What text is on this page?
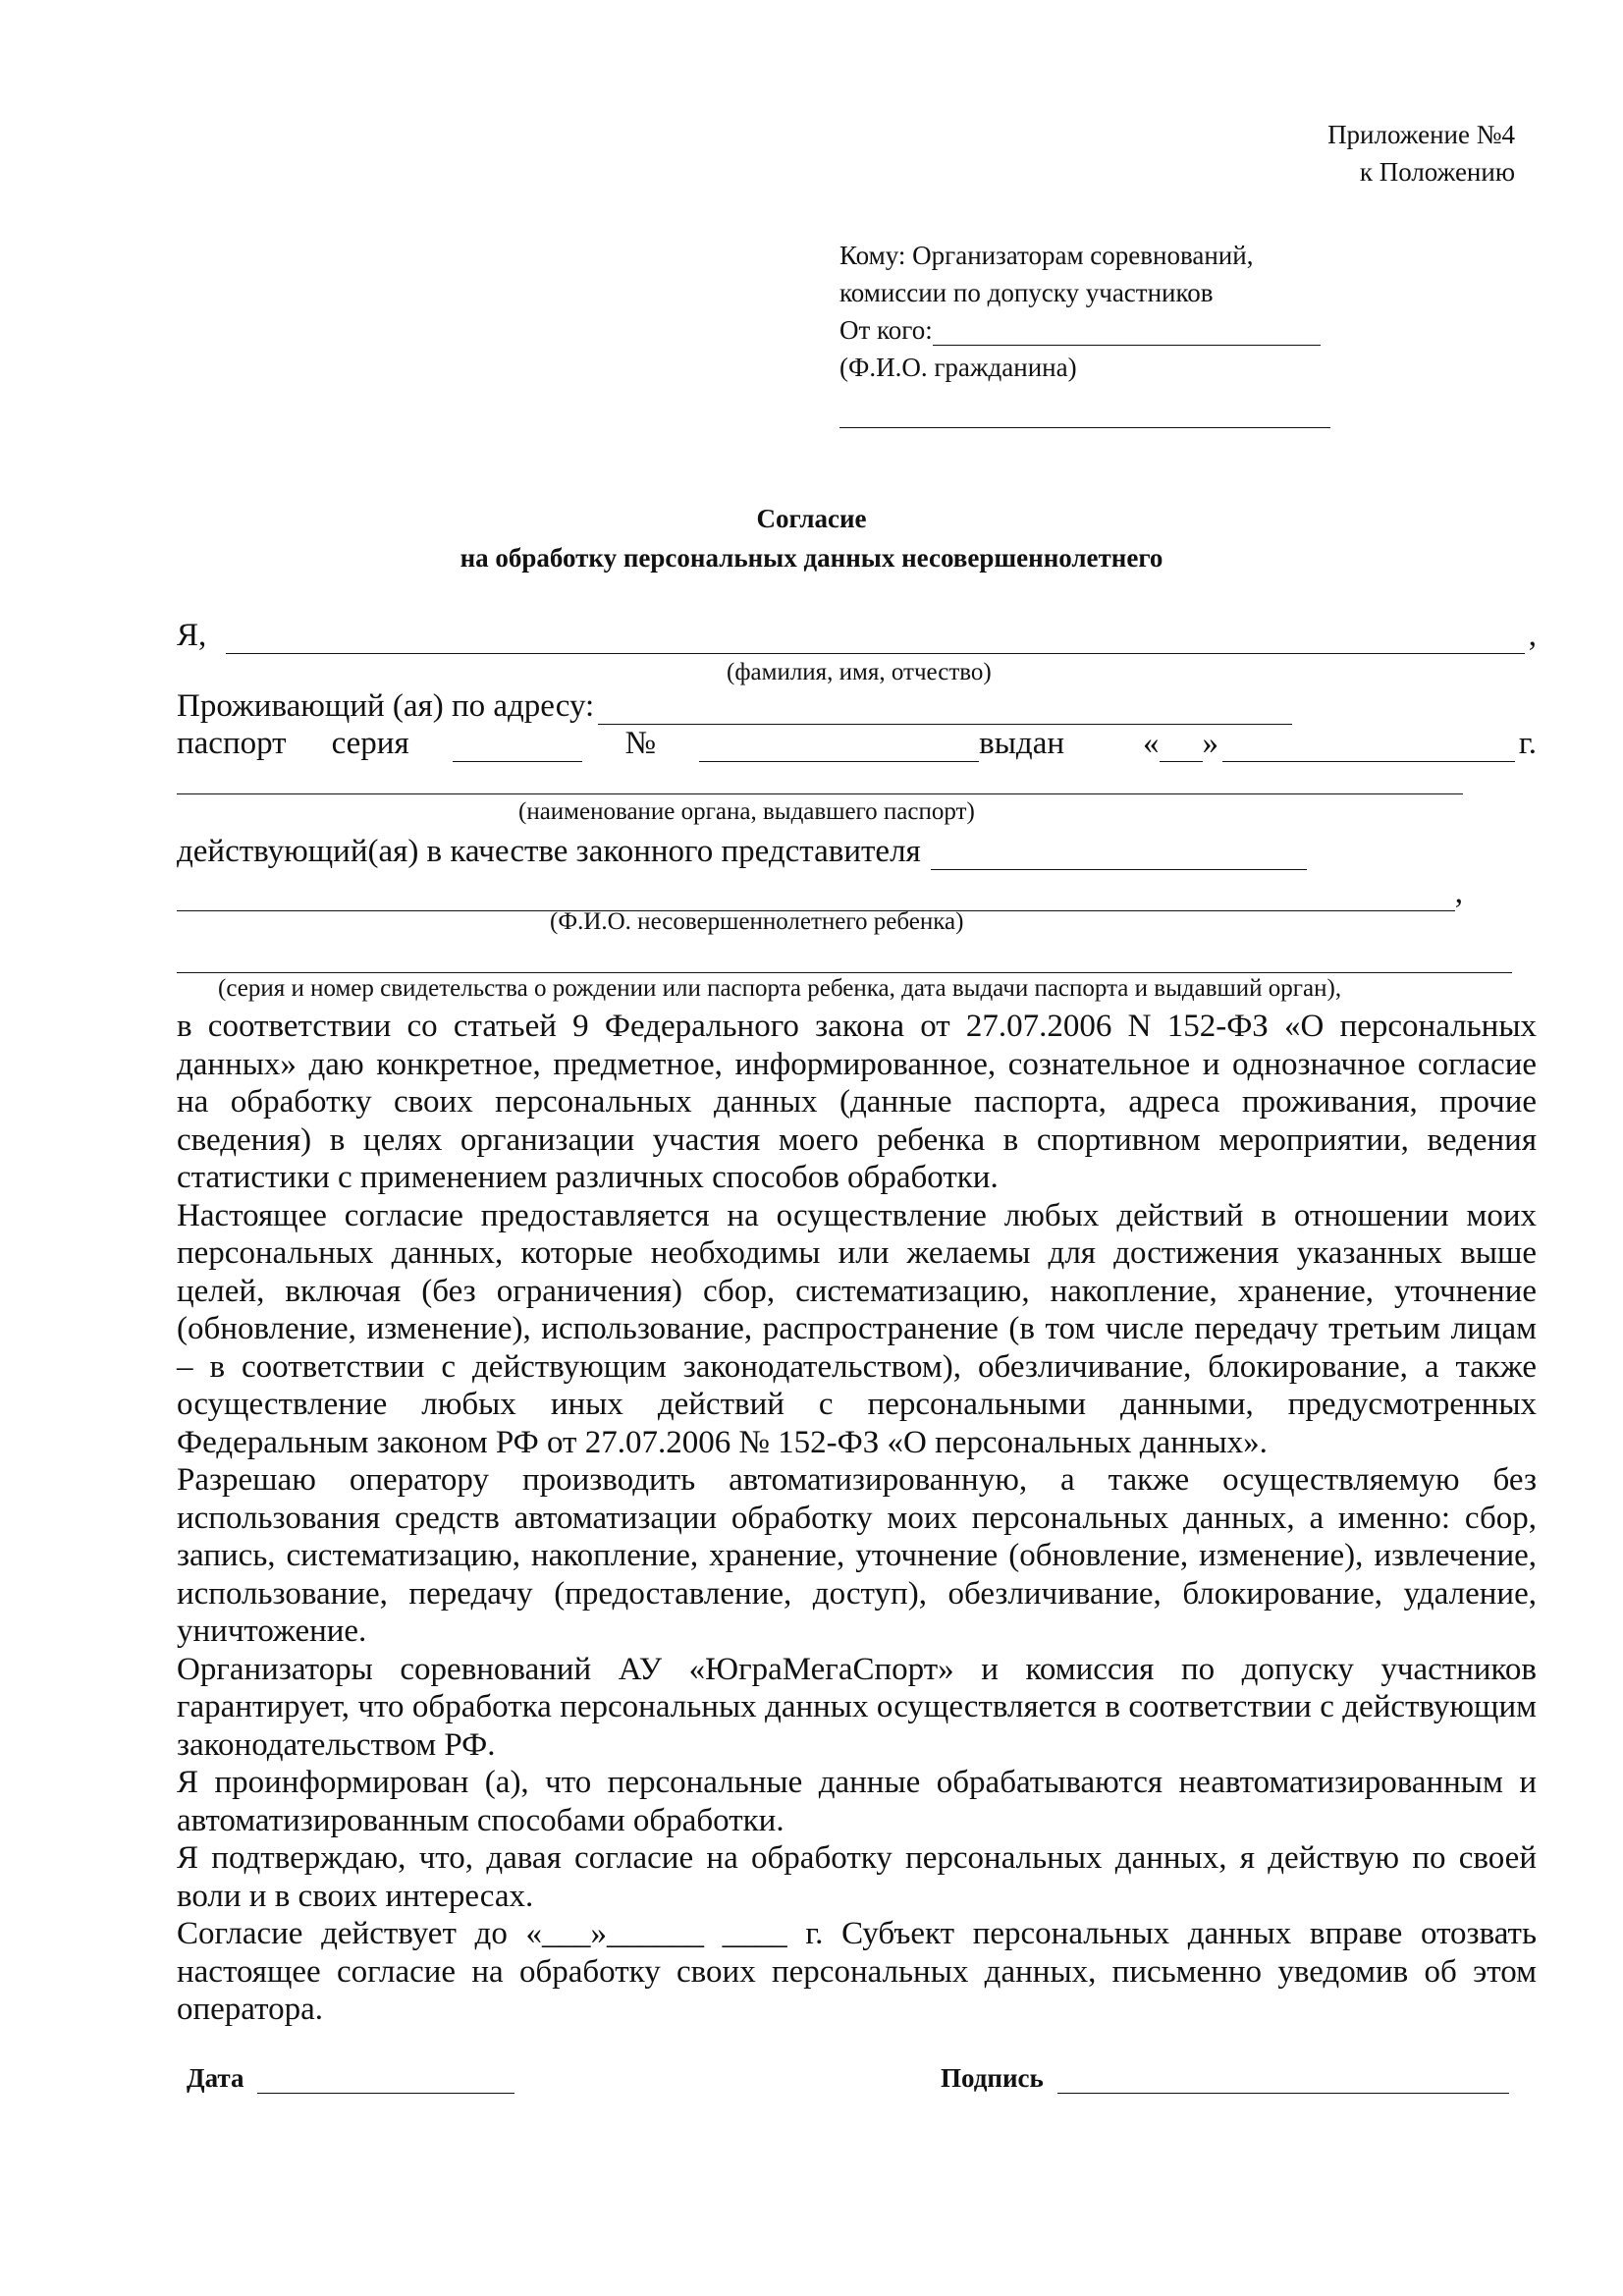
Приложение №4
к Положению
Кому: Организаторам соревнований,
комиссии по допуску участников
От кого:
(Ф.И.О. гражданина)
Согласие
на обработку персональных данных несовершеннолетнего
Я,	,
(фамилия, имя, отчество)
Проживающий (ая) по адресу:
паспорт серия	№	выдан « »	г.
(наименование органа, выдавшего паспорт)
действующий(ая) в качестве законного представителя
,
(Ф.И.О. несовершеннолетнего ребенка)
(серия и номер свидетельства о рождении или паспорта ребенка, дата выдачи паспорта и выдавший орган),

в соответствии со статьей 9 Федерального закона от 27.07.2006 N 152-ФЗ «О персональных данных» даю конкретное, предметное, информированное, сознательное и однозначное согласие на обработку своих персональных данных (данные паспорта, адреса проживания, прочие сведения) в целях организации участия моего ребенка в спортивном мероприятии, ведения статистики с применением различных способов обработки.

Настоящее согласие предоставляется на осуществление любых действий в отношении моих персональных данных, которые необходимы или желаемы для достижения указанных выше целей, включая (без ограничения) сбор, систематизацию, накопление, хранение, уточнение (обновление, изменение), использование, распространение (в том числе передачу третьим лицам – в соответствии с действующим законодательством), обезличивание, блокирование, а также осуществление любых иных действий с персональными данными, предусмотренных Федеральным законом РФ от 27.07.2006 № 152-ФЗ «О персональных данных».

Разрешаю оператору производить автоматизированную, а также осуществляемую без использования средств автоматизации обработку моих персональных данных, а именно: сбор, запись, систематизацию, накопление, хранение, уточнение (обновление, изменение), извлечение, использование, передачу (предоставление, доступ), обезличивание, блокирование, удаление, уничтожение.

Организаторы соревнований АУ «ЮграМегаСпорт» и комиссия по допуску участников гарантирует, что обработка персональных данных осуществляется в соответствии с действующим законодательством РФ.

Я проинформирован (а), что персональные данные обрабатываются неавтоматизированным и автоматизированным способами обработки.

Я подтверждаю, что, давая согласие на обработку персональных данных, я действую по своей воли и в своих интересах.

Согласие действует до «___»______ ____ г. Субъект персональных данных вправе отозвать настоящее согласие на обработку своих персональных данных, письменно уведомив об этом оператора.

Дата	Подпись
